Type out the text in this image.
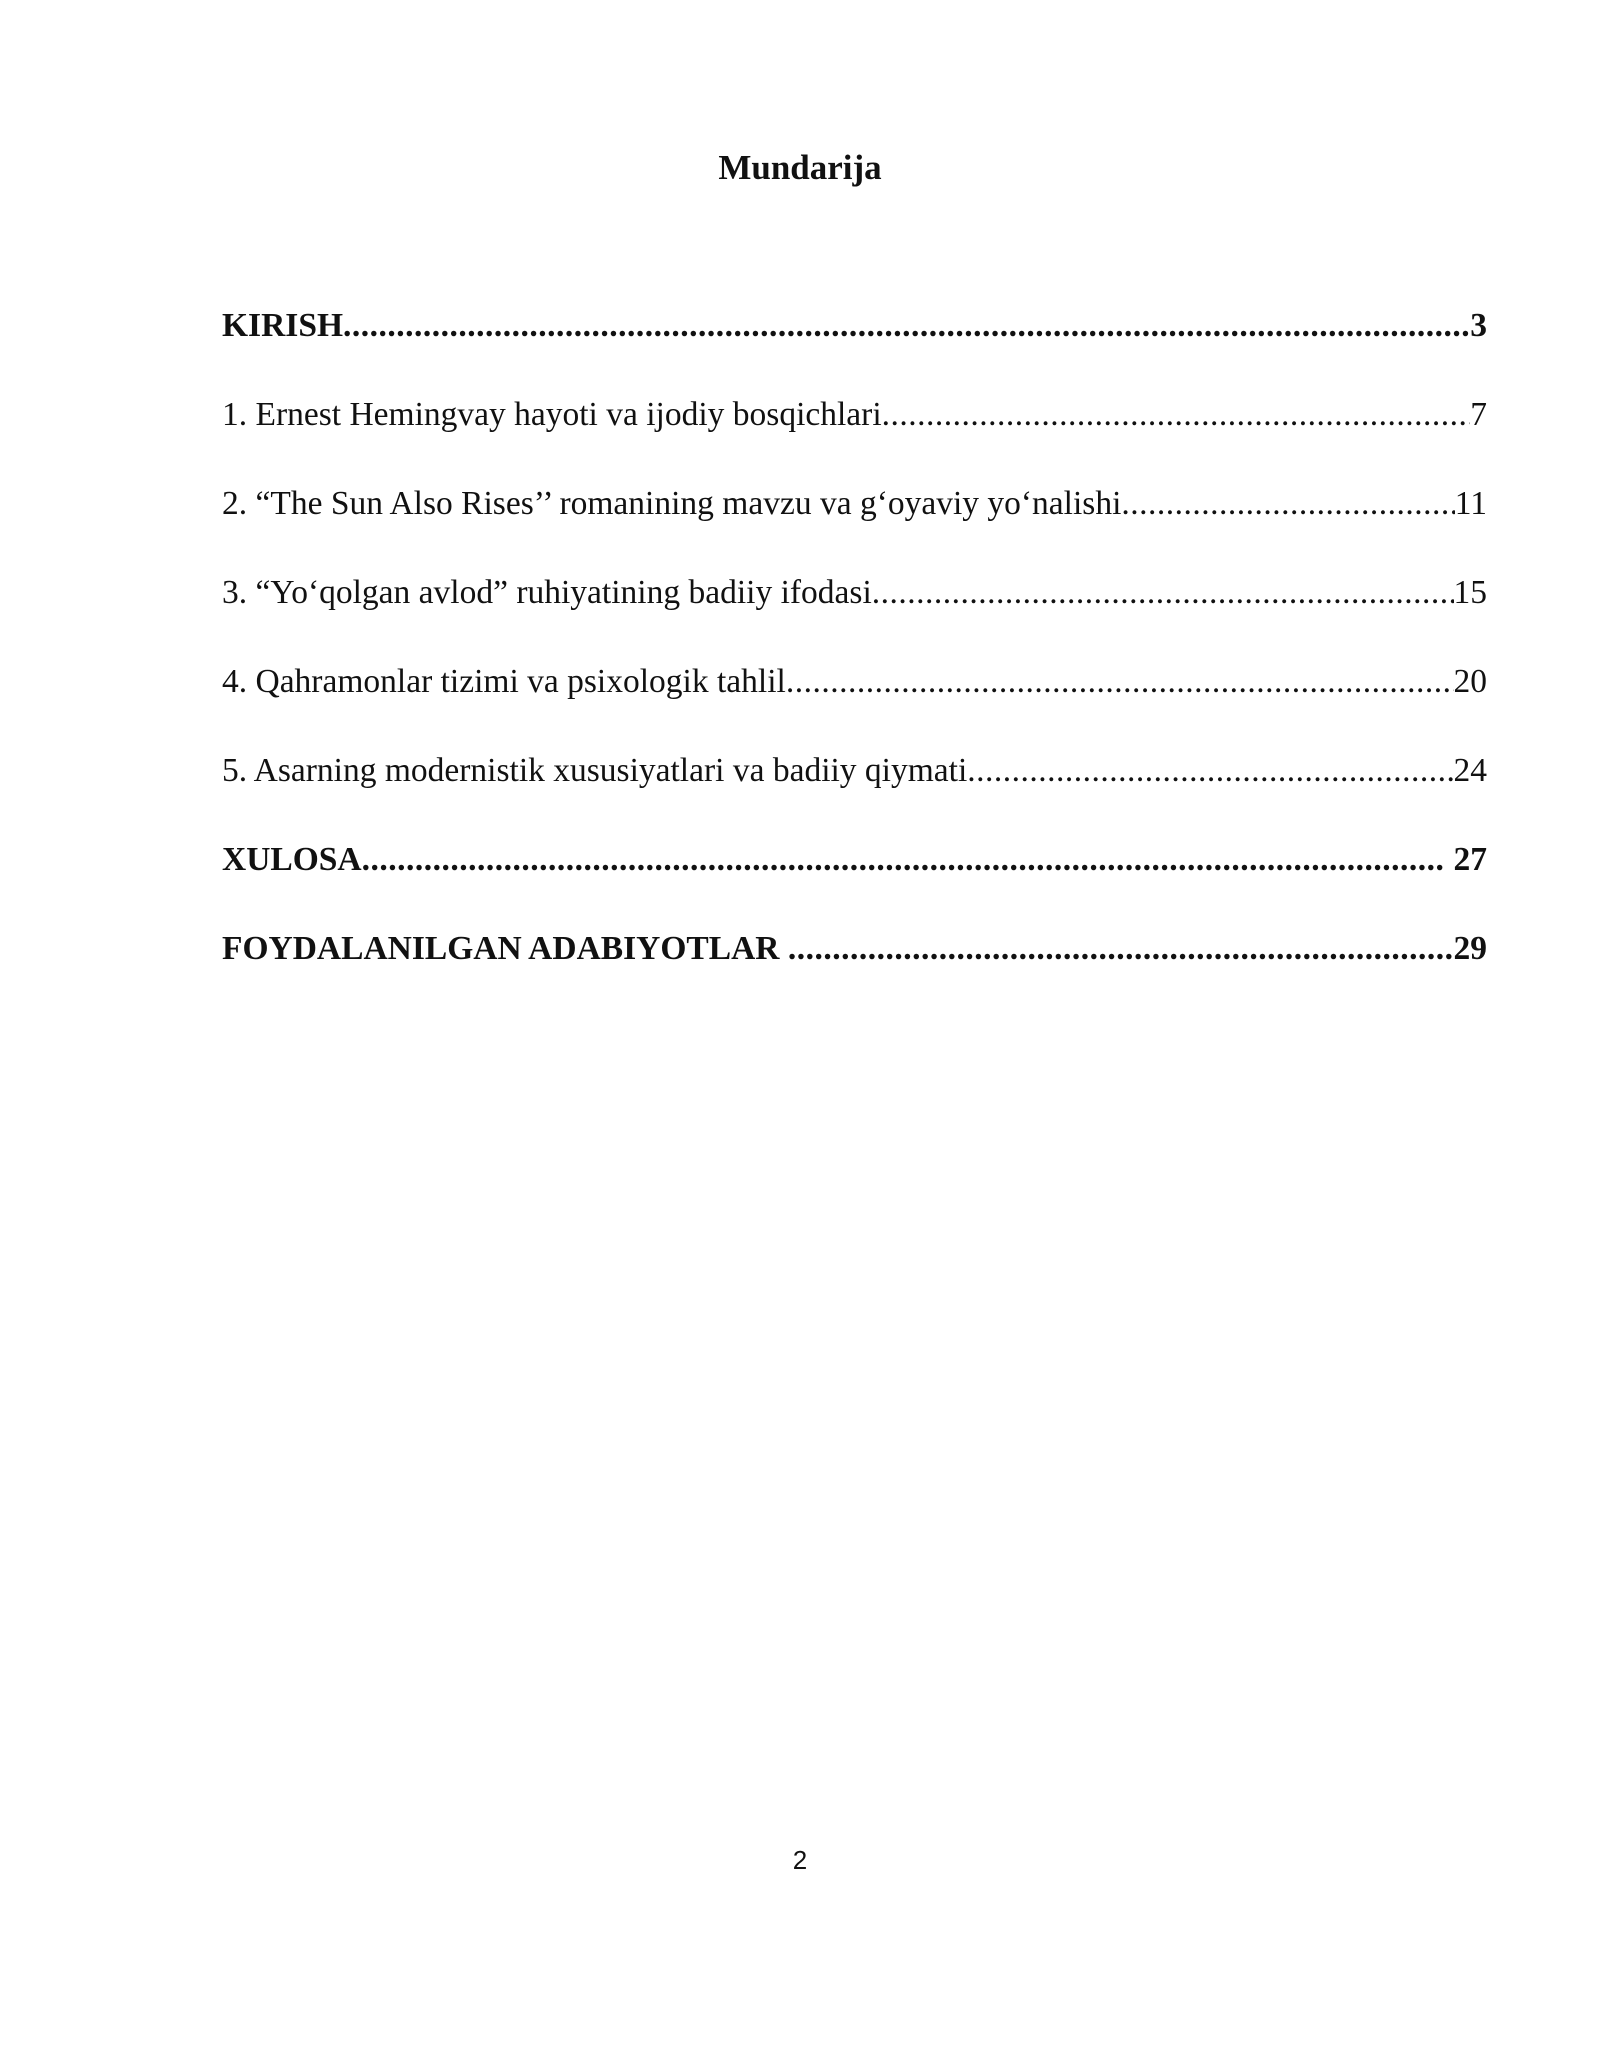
Mundarija
KIRISH .....	3
1. Ernest Hemingvay hayoti va ijodiy bosqichlari .....	7
2. “The Sun Also Rises’’ romanining mavzu va g‘oyaviy yo‘nalishi .....	11
3. “Yo‘qolgan avlod” ruhiyatining badiiy ifodasi .....	15
4. Qahramonlar tizimi va psixologik tahlil .....	20
5. Asarning modernistik xususiyatlari va badiiy qiymati .....	24
XULOSA .....	27
FOYDALANILGAN ADABIYOTLAR .....	29
2
